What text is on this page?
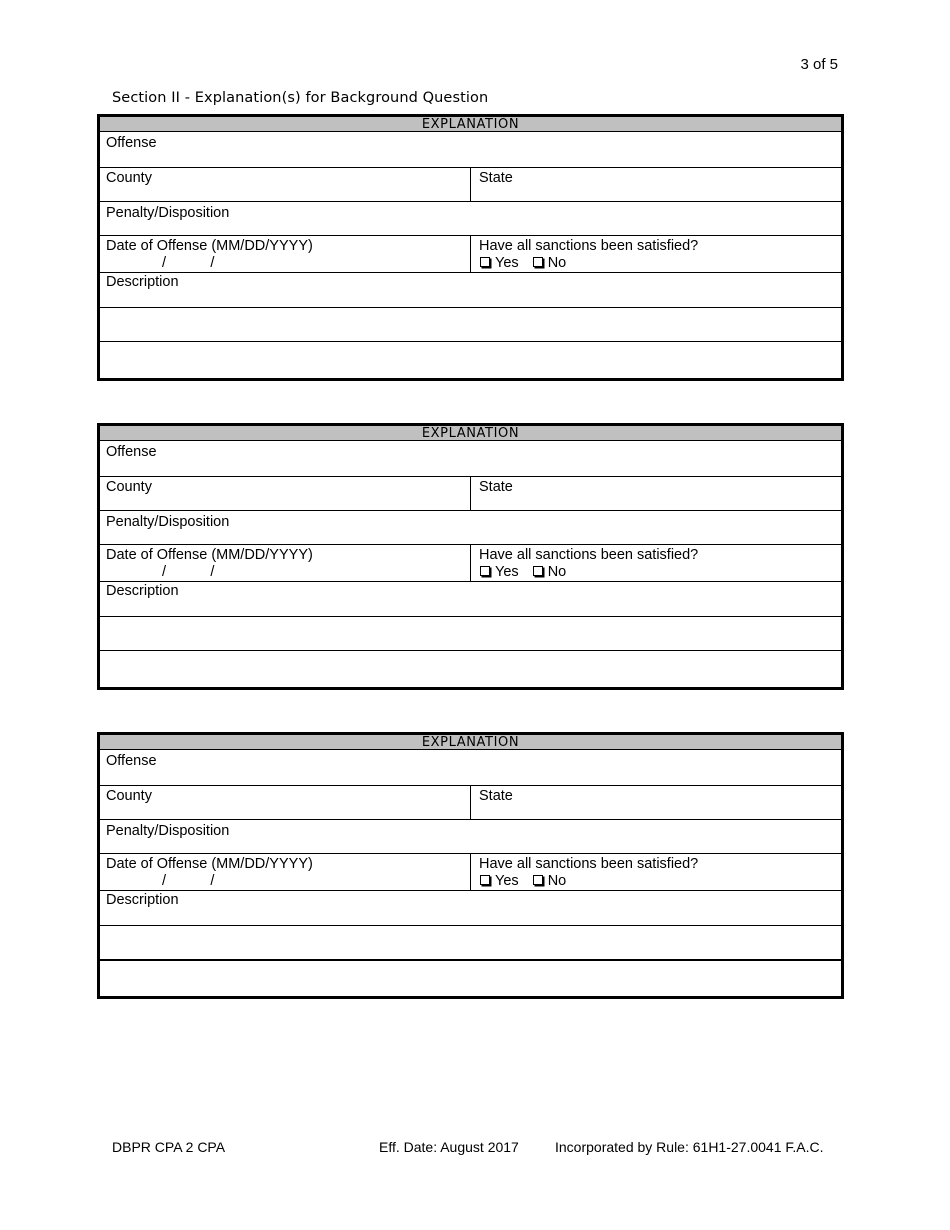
3 of 5
Section II - Explanation(s) for Background Question
EXPLANATION
Offense
County	State
Penalty/Disposition
Date of Offense (MM/DD/YYYY)
/           /
Have all sanctions been satisfied?
Yes No
Description
EXPLANATION
Offense
County	State
Penalty/Disposition
Date of Offense (MM/DD/YYYY)
/           /
Have all sanctions been satisfied?
Yes No
Description
EXPLANATION
Offense
County	State
Penalty/Disposition
Date of Offense (MM/DD/YYYY)
/           /
Have all sanctions been satisfied?
Yes No
Description
DBPR CPA 2 CPA	Eff. Date: August 2017	Incorporated by Rule: 61H1-27.0041 F.A.C.
